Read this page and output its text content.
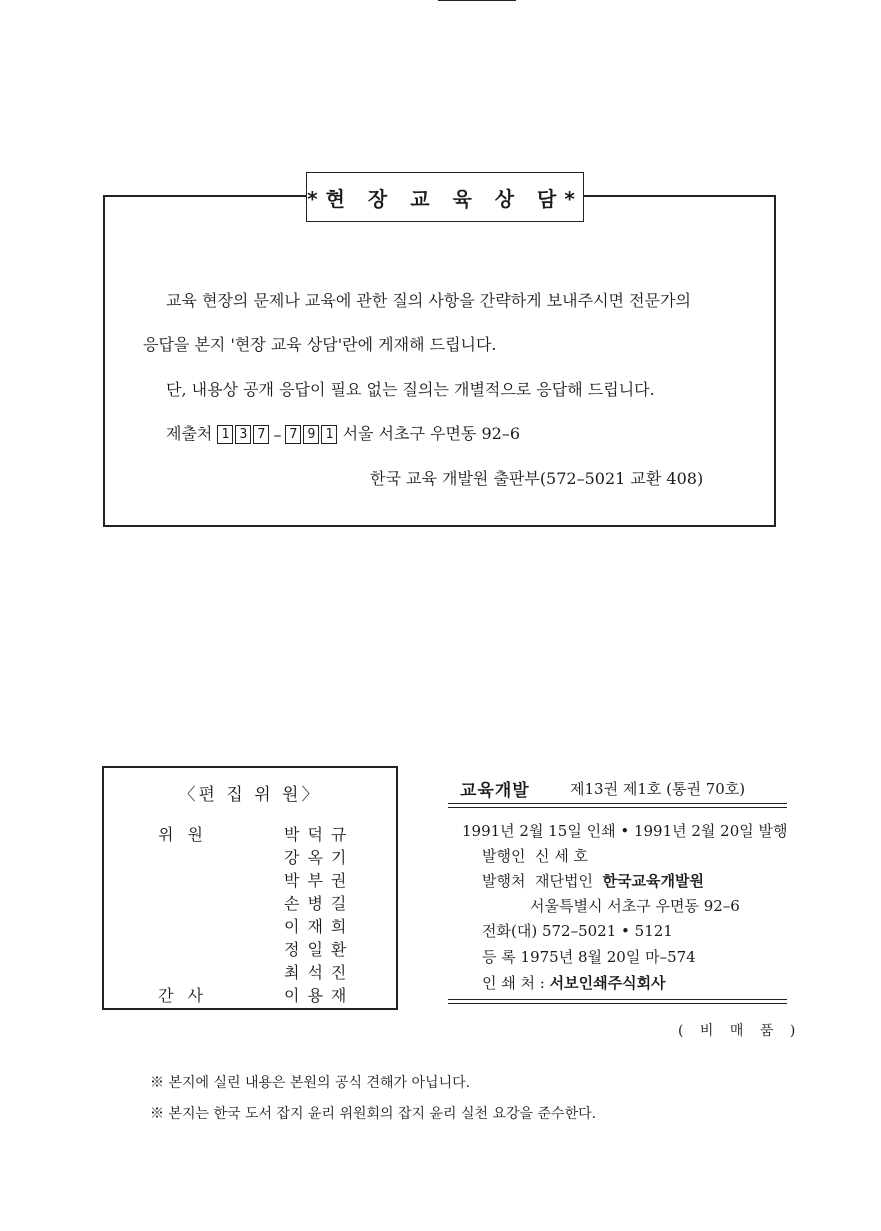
*현 장 교 육 상 담*
교육 현장의 문제나 교육에 관한 질의 사항을 간략하게 보내주시면 전문가의
응답을 본지 '현장 교육 상담'란에 게재해 드립니다.
단, 내용상 공개 응답이 필요 없는 질의는 개별적으로 응답해 드립니다.
제출처 1 3 7 – 7 9 1 서울 서초구 우면동 92–6
한국 교육 개발원 출판부(572–5021 교환 408)
〈편 집 위 원〉
위원	박덕규
강옥기
박부권
손병길
이재희
정일환
최석진
간사	이용재
교육개발	제13권 제1호 (통권 70호)
1991년 2월 15일 인쇄 • 1991년 2월 20일 발행
발행인 신 세 호
발행처 재단법인 한국교육개발원
서울특별시 서초구 우면동 92–6
전화(대) 572–5021 • 5121
등 록 1975년 8월 20일 마–574
인 쇄 처 : 서보인쇄주식회사
( 비 매 품 )
※ 본지에 실린 내용은 본원의 공식 견해가 아닙니다.
※ 본지는 한국 도서 잡지 윤리 위원회의 잡지 윤리 실천 요강을 준수한다.
